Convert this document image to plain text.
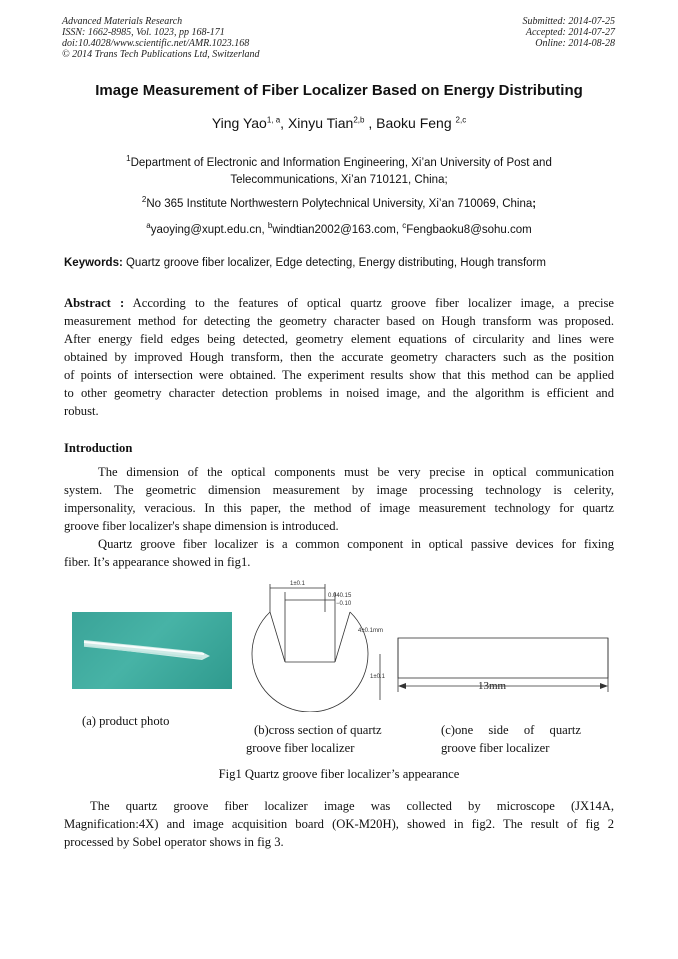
Advanced Materials Research
ISSN: 1662-8985, Vol. 1023, pp 168-171
doi:10.4028/www.scientific.net/AMR.1023.168
© 2014 Trans Tech Publications Ltd, Switzerland
Submitted: 2014-07-25
Accepted: 2014-07-27
Online: 2014-08-28
Image Measurement of Fiber Localizer Based on Energy Distributing
Ying Yao$^{1, a}$, Xinyu Tian$^{2,b}$ , Baoku Feng $^{2,c}$
$^1$Department of Electronic and Information Engineering, Xi’an University of Post and
Telecommunications, Xi’an 710121, China;
$^2$No 365 Institute Northwestern Polytechnical University, Xi’an 710069, China;
$^a$yaoying@xupt.edu.cn, $^b$windtian2002@163.com, $^c$Fengbaoku8@sohu.com
Keywords: Quartz groove fiber localizer, Edge detecting, Energy distributing, Hough transform
Abstract : According to the features of optical quartz groove fiber localizer image, a precise
measurement method for detecting the geometry character based on Hough transform was proposed.
After energy field edges being detected, geometry element equations of circularity and lines were
obtained by improved Hough transform, then the accurate geometry characters such as the position
of points of intersection were obtained. The experiment results show that this method can be applied
to other geometry character detection problems in noised image, and the algorithm is efficient and
robust.
Introduction
The dimension of the optical components must be very precise in optical communication
system. The geometric dimension measurement by image processing technology is celerity,
impersonality, veracious. In this paper, the method of image measurement technology for quartz
groove fiber localizer's shape dimension is introduced.
Quartz groove fiber localizer is a common component in optical passive devices for fixing
fiber. It’s appearance showed in fig1.
1±0.1
0.040.15
−0.10
4±0.1 mm
1±0.1
13mm
(a) product photo
(b)cross section of quartz
groove fiber localizer
(c)one side of quartz
groove fiber localizer
Fig1 Quartz groove fiber localizer’s appearance
The quartz groove fiber localizer image was collected by microscope (JX14A,
Magnification:4X) and image acquisition board (OK-M20H), showed in fig2. The result of fig 2
processed by Sobel operator shows in fig 3.
